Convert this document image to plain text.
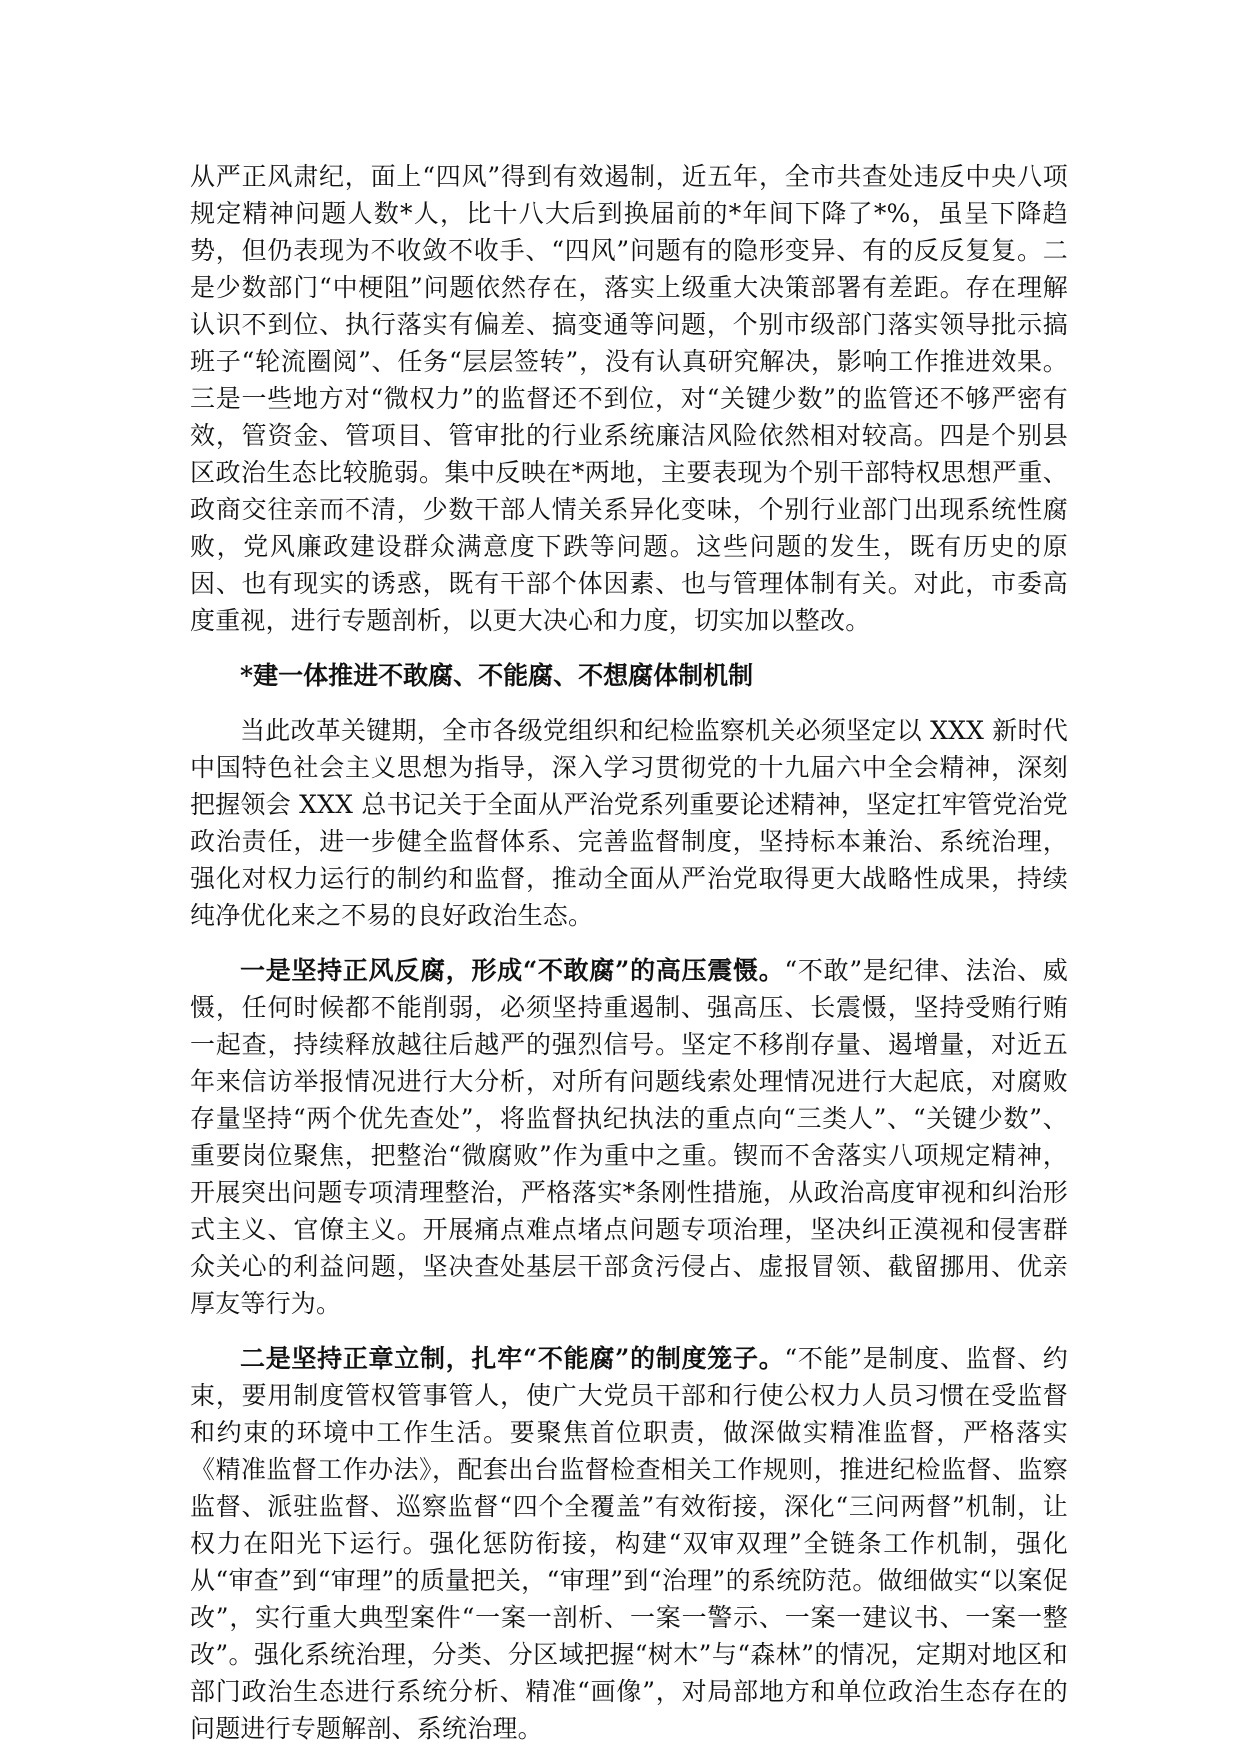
从严正风肃纪，面上“四风”得到有效遏制，近五年，全市共查处违反中央八项规定精神问题人数*人，比十八大后到换届前的*年间下降了*%，虽呈下降趋势，但仍表现为不收敛不收手、“四风”问题有的隐形变异、有的反反复复。二是少数部门“中梗阻”问题依然存在，落实上级重大决策部署有差距。存在理解认识不到位、执行落实有偏差、搞变通等问题，个别市级部门落实领导批示搞班子“轮流圈阅”、任务“层层签转”，没有认真研究解决，影响工作推进效果。三是一些地方对“微权力”的监督还不到位，对“关键少数”的监管还不够严密有效，管资金、管项目、管审批的行业系统廉洁风险依然相对较高。四是个别县区政治生态比较脆弱。集中反映在*两地，主要表现为个别干部特权思想严重、政商交往亲而不清，少数干部人情关系异化变味，个别行业部门出现系统性腐败，党风廉政建设群众满意度下跌等问题。这些问题的发生，既有历史的原因、也有现实的诱惑，既有干部个体因素、也与管理体制有关。对此，市委高度重视，进行专题剖析，以更大决心和力度，切实加以整改。

*建一体推进不敢腐、不能腐、不想腐体制机制

当此改革关键期，全市各级党组织和纪检监察机关必须坚定以 XXX 新时代中国特色社会主义思想为指导，深入学习贯彻党的十九届六中全会精神，深刻把握领会 XXX 总书记关于全面从严治党系列重要论述精神，坚定扛牢管党治党政治责任，进一步健全监督体系、完善监督制度，坚持标本兼治、系统治理，强化对权力运行的制约和监督，推动全面从严治党取得更大战略性成果，持续纯净优化来之不易的良好政治生态。

一是坚持正风反腐，形成“不敢腐”的高压震慑。“不敢”是纪律、法治、威慑，任何时候都不能削弱，必须坚持重遏制、强高压、长震慑，坚持受贿行贿一起查，持续释放越往后越严的强烈信号。坚定不移削存量、遏增量，对近五年来信访举报情况进行大分析，对所有问题线索处理情况进行大起底，对腐败存量坚持“两个优先查处”，将监督执纪执法的重点向“三类人”、“关键少数”、重要岗位聚焦，把整治“微腐败”作为重中之重。锲而不舍落实八项规定精神，开展突出问题专项清理整治，严格落实*条刚性措施，从政治高度审视和纠治形式主义、官僚主义。开展痛点难点堵点问题专项治理，坚决纠正漠视和侵害群众关心的利益问题，坚决查处基层干部贪污侵占、虚报冒领、截留挪用、优亲厚友等行为。

二是坚持正章立制，扎牢“不能腐”的制度笼子。“不能”是制度、监督、约束，要用制度管权管事管人，使广大党员干部和行使公权力人员习惯在受监督和约束的环境中工作生活。要聚焦首位职责，做深做实精准监督，严格落实《精准监督工作办法》，配套出台监督检查相关工作规则，推进纪检监督、监察监督、派驻监督、巡察监督“四个全覆盖”有效衔接，深化“三问两督”机制，让权力在阳光下运行。强化惩防衔接，构建“双审双理”全链条工作机制，强化从“审查”到“审理”的质量把关，“审理”到“治理”的系统防范。做细做实“以案促改”，实行重大典型案件“一案一剖析、一案一警示、一案一建议书、一案一整改”。强化系统治理，分类、分区域把握“树木”与“森林”的情况，定期对地区和部门政治生态进行系统分析、精准“画像”，对局部地方和单位政治生态存在的问题进行专题解剖、系统治理。
